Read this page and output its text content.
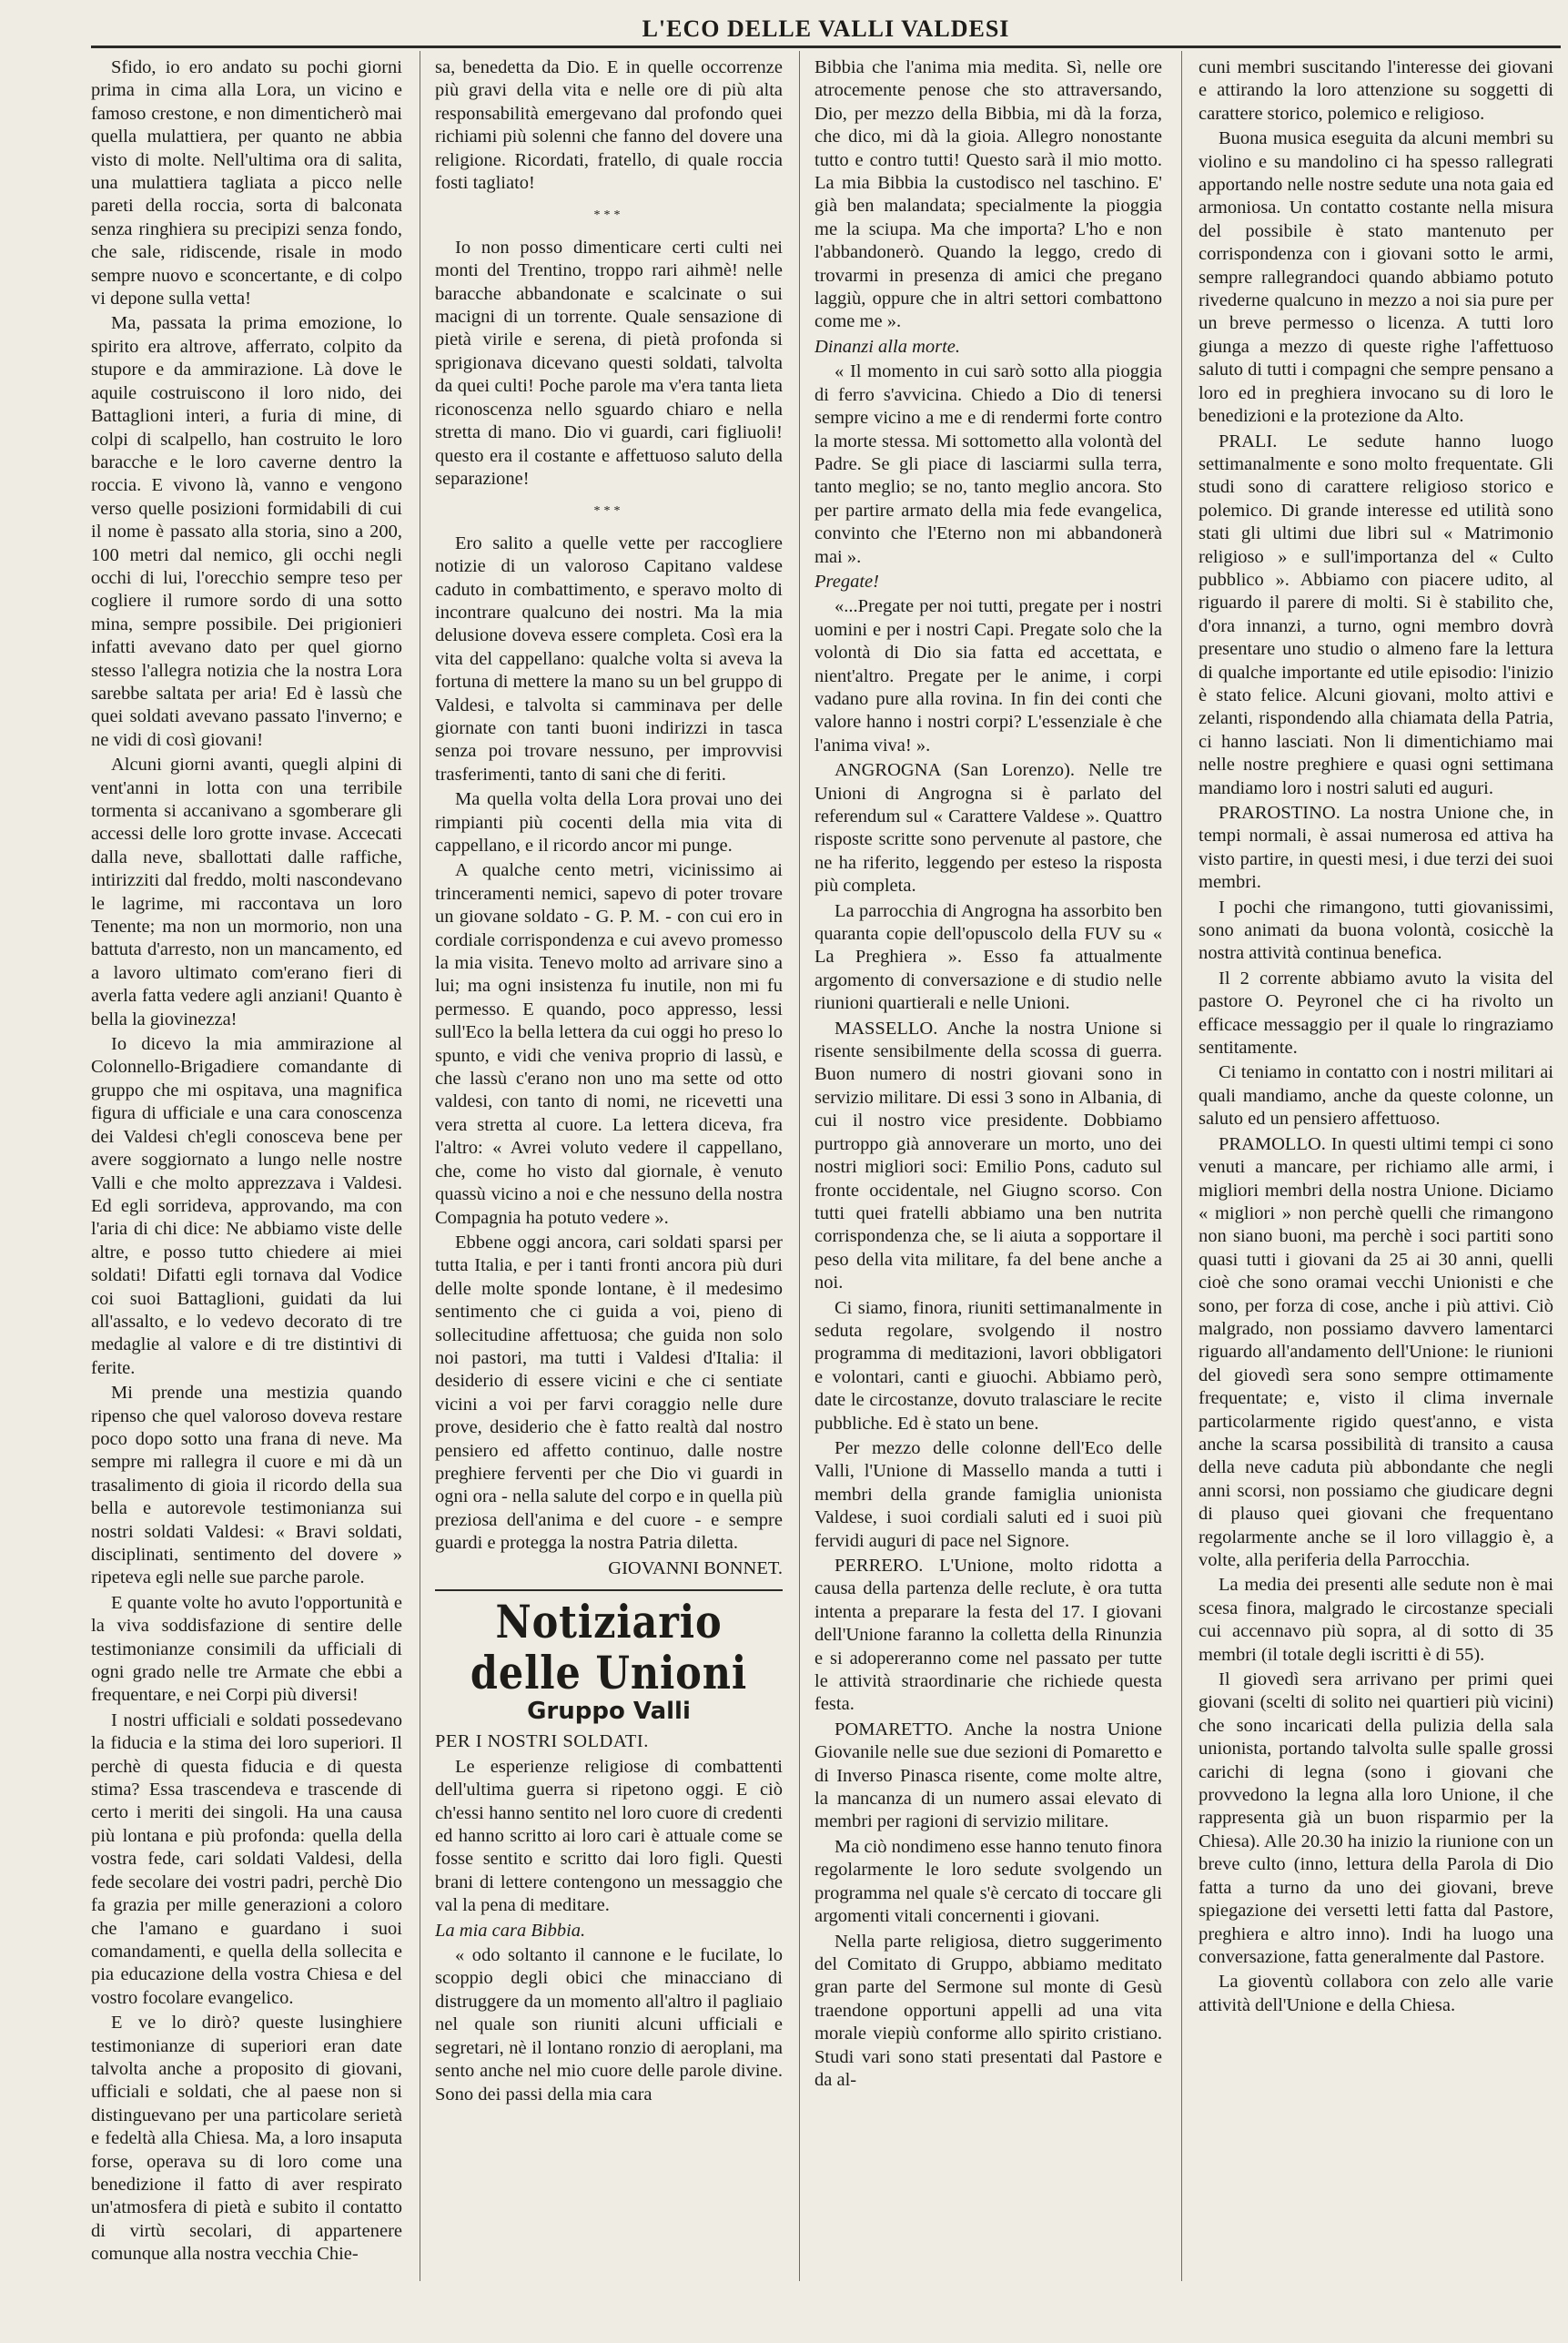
L'ECO DELLE VALLI VALDESI

Sfido, io ero andato su pochi giorni prima in cima alla Lora, un vicino e famoso crestone, e non dimenticherò mai quella mulattiera, per quanto ne abbia visto di molte. Nell'ultima ora di salita, una mulattiera tagliata a picco nelle pareti della roccia, sorta di balconata senza ringhiera su precipizi senza fondo, che sale, ridiscende, risale in modo sempre nuovo e sconcertante, e di colpo vi depone sulla vetta!

Ma, passata la prima emozione, lo spirito era altrove, afferrato, colpito da stupore e da ammirazione. Là dove le aquile costruiscono il loro nido, dei Battaglioni interi, a furia di mine, di colpi di scalpello, han costruito le loro baracche e le loro caverne dentro la roccia. E vivono là, vanno e vengono verso quelle posizioni formidabili di cui il nome è passato alla storia, sino a 200, 100 metri dal nemico, gli occhi negli occhi di lui, l'orecchio sempre teso per cogliere il rumore sordo di una sotto mina, sempre possibile. Dei prigionieri infatti avevano dato per quel giorno stesso l'allegra notizia che la nostra Lora sarebbe saltata per aria! Ed è lassù che quei soldati avevano passato l'inverno; e ne vidi di così giovani!

Alcuni giorni avanti, quegli alpini di vent'anni in lotta con una terribile tormenta si accanivano a sgomberare gli accessi delle loro grotte invase. Accecati dalla neve, sballottati dalle raffiche, intirizziti dal freddo, molti nascondevano le lagrime, mi raccontava un loro Tenente; ma non un mormorio, non una battuta d'arresto, non un mancamento, ed a lavoro ultimato com'erano fieri di averla fatta vedere agli anziani! Quanto è bella la giovinezza!

Io dicevo la mia ammirazione al Colonnello-Brigadiere comandante di gruppo che mi ospitava, una magnifica figura di ufficiale e una cara conoscenza dei Valdesi ch'egli conosceva bene per avere soggiornato a lungo nelle nostre Valli e che molto apprezzava i Valdesi. Ed egli sorrideva, approvando, ma con l'aria di chi dice: Ne abbiamo viste delle altre, e posso tutto chiedere ai miei soldati! Difatti egli tornava dal Vodice coi suoi Battaglioni, guidati da lui all'assalto, e lo vedevo decorato di tre medaglie al valore e di tre distintivi di ferite.

Mi prende una mestizia quando ripenso che quel valoroso doveva restare poco dopo sotto una frana di neve. Ma sempre mi rallegra il cuore e mi dà un trasalimento di gioia il ricordo della sua bella e autorevole testimonianza sui nostri soldati Valdesi: « Bravi soldati, disciplinati, sentimento del dovere » ripeteva egli nelle sue parche parole.

E quante volte ho avuto l'opportunità e la viva soddisfazione di sentire delle testimonianze consimili da ufficiali di ogni grado nelle tre Armate che ebbi a frequentare, e nei Corpi più diversi!

I nostri ufficiali e soldati possedevano la fiducia e la stima dei loro superiori. Il perchè di questa fiducia e di questa stima? Essa trascendeva e trascende di certo i meriti dei singoli. Ha una causa più lontana e più profonda: quella della vostra fede, cari soldati Valdesi, della fede secolare dei vostri padri, perchè Dio fa grazia per mille generazioni a coloro che l'amano e guardano i suoi comandamenti, e quella della sollecita e pia educazione della vostra Chiesa e del vostro focolare evangelico.

E ve lo dirò? queste lusinghiere testimonianze di superiori eran date talvolta anche a proposito di giovani, ufficiali e soldati, che al paese non si distinguevano per una particolare serietà e fedeltà alla Chiesa. Ma, a loro insaputa forse, operava su di loro come una benedizione il fatto di aver respirato un'atmosfera di pietà e subito il contatto di virtù secolari, di appartenere comunque alla nostra vecchia Chie-

sa, benedetta da Dio. E in quelle occorrenze più gravi della vita e nelle ore di più alta responsabilità emergevano dal profondo quei richiami più solenni che fanno del dovere una religione. Ricordati, fratello, di quale roccia fosti tagliato!

***

Io non posso dimenticare certi culti nei monti del Trentino, troppo rari aihmè! nelle baracche abbandonate e scalcinate o sui macigni di un torrente. Quale sensazione di pietà virile e serena, di pietà profonda si sprigionava dicevano questi soldati, talvolta da quei culti! Poche parole ma v'era tanta lieta riconoscenza nello sguardo chiaro e nella stretta di mano. Dio vi guardi, cari figliuoli! questo era il costante e affettuoso saluto della separazione!

***

Ero salito a quelle vette per raccogliere notizie di un valoroso Capitano valdese caduto in combattimento, e speravo molto di incontrare qualcuno dei nostri. Ma la mia delusione doveva essere completa. Così era la vita del cappellano: qualche volta si aveva la fortuna di mettere la mano su un bel gruppo di Valdesi, e talvolta si camminava per delle giornate con tanti buoni indirizzi in tasca senza poi trovare nessuno, per improvvisi trasferimenti, tanto di sani che di feriti.

Ma quella volta della Lora provai uno dei rimpianti più cocenti della mia vita di cappellano, e il ricordo ancor mi punge.

A qualche cento metri, vicinissimo ai trinceramenti nemici, sapevo di poter trovare un giovane soldato - G. P. M. - con cui ero in cordiale corrispondenza e cui avevo promesso la mia visita. Tenevo molto ad arrivare sino a lui; ma ogni insistenza fu inutile, non mi fu permesso. E quando, poco appresso, lessi sull'Eco la bella lettera da cui oggi ho preso lo spunto, e vidi che veniva proprio di lassù, e che lassù c'erano non uno ma sette od otto valdesi, con tanto di nomi, ne ricevetti una vera stretta al cuore. La lettera diceva, fra l'altro: « Avrei voluto vedere il cappellano, che, come ho visto dal giornale, è venuto quassù vicino a noi e che nessuno della nostra Compagnia ha potuto vedere ».

Ebbene oggi ancora, cari soldati sparsi per tutta Italia, e per i tanti fronti ancora più duri delle molte sponde lontane, è il medesimo sentimento che ci guida a voi, pieno di sollecitudine affettuosa; che guida non solo noi pastori, ma tutti i Valdesi d'Italia: il desiderio di essere vicini e che ci sentiate vicini a voi per farvi coraggio nelle dure prove, desiderio che è fatto realtà dal nostro pensiero ed affetto continuo, dalle nostre preghiere ferventi per che Dio vi guardi in ogni ora - nella salute del corpo e in quella più preziosa dell'anima e del cuore - e sempre guardi e protegga la nostra Patria diletta.

GIOVANNI BONNET.

Notiziario delle Unioni
Gruppo Valli

PER I NOSTRI SOLDATI.

Le esperienze religiose di combattenti dell'ultima guerra si ripetono oggi. E ciò ch'essi hanno sentito nel loro cuore di credenti ed hanno scritto ai loro cari è attuale come se fosse sentito e scritto dai loro figli. Questi brani di lettere contengono un messaggio che val la pena di meditare.

La mia cara Bibbia.

« odo soltanto il cannone e le fucilate, lo scoppio degli obici che minacciano di distruggere da un momento all'altro il pagliaio nel quale son riuniti alcuni ufficiali e segretari, nè il lontano ronzio di aeroplani, ma sento anche nel mio cuore delle parole divine. Sono dei passi della mia cara

Bibbia che l'anima mia medita. Sì, nelle ore atrocemente penose che sto attraversando, Dio, per mezzo della Bibbia, mi dà la forza, che dico, mi dà la gioia. Allegro nonostante tutto e contro tutti! Questo sarà il mio motto. La mia Bibbia la custodisco nel taschino. E' già ben malandata; specialmente la pioggia me la sciupa. Ma che importa? L'ho e non l'abbandonerò. Quando la leggo, credo di trovarmi in presenza di amici che pregano laggiù, oppure che in altri settori combattono come me ».

Dinanzi alla morte.

« Il momento in cui sarò sotto alla pioggia di ferro s'avvicina. Chiedo a Dio di tenersi sempre vicino a me e di rendermi forte contro la morte stessa. Mi sottometto alla volontà del Padre. Se gli piace di lasciarmi sulla terra, tanto meglio; se no, tanto meglio ancora. Sto per partire armato della mia fede evangelica, convinto che l'Eterno non mi abbandonerà mai ».

Pregate!

«...Pregate per noi tutti, pregate per i nostri uomini e per i nostri Capi. Pregate solo che la volontà di Dio sia fatta ed accettata, e nient'altro. Pregate per le anime, i corpi vadano pure alla rovina. In fin dei conti che valore hanno i nostri corpi? L'essenziale è che l'anima viva! ».

ANGROGNA (San Lorenzo). Nelle tre Unioni di Angrogna si è parlato del referendum sul « Carattere Valdese ». Quattro risposte scritte sono pervenute al pastore, che ne ha riferito, leggendo per esteso la risposta più completa.

La parrocchia di Angrogna ha assorbito ben quaranta copie dell'opuscolo della FUV su « La Preghiera ». Esso fa attualmente argomento di conversazione e di studio nelle riunioni quartierali e nelle Unioni.

MASSELLO. Anche la nostra Unione si risente sensibilmente della scossa di guerra. Buon numero di nostri giovani sono in servizio militare. Di essi 3 sono in Albania, di cui il nostro vice presidente. Dobbiamo purtroppo già annoverare un morto, uno dei nostri migliori soci: Emilio Pons, caduto sul fronte occidentale, nel Giugno scorso. Con tutti quei fratelli abbiamo una ben nutrita corrispondenza che, se li aiuta a sopportare il peso della vita militare, fa del bene anche a noi.

Ci siamo, finora, riuniti settimanalmente in seduta regolare, svolgendo il nostro programma di meditazioni, lavori obbligatori e volontari, canti e giuochi. Abbiamo però, date le circostanze, dovuto tralasciare le recite pubbliche. Ed è stato un bene.

Per mezzo delle colonne dell'Eco delle Valli, l'Unione di Massello manda a tutti i membri della grande famiglia unionista Valdese, i suoi cordiali saluti ed i suoi più fervidi auguri di pace nel Signore.

PERRERO. L'Unione, molto ridotta a causa della partenza delle reclute, è ora tutta intenta a preparare la festa del 17. I giovani dell'Unione faranno la colletta della Rinunzia e si adopereranno come nel passato per tutte le attività straordinarie che richiede questa festa.

POMARETTO. Anche la nostra Unione Giovanile nelle sue due sezioni di Pomaretto e di Inverso Pinasca risente, come molte altre, la mancanza di un numero assai elevato di membri per ragioni di servizio militare.

Ma ciò nondimeno esse hanno tenuto finora regolarmente le loro sedute svolgendo un programma nel quale s'è cercato di toccare gli argomenti vitali concernenti i giovani.

Nella parte religiosa, dietro suggerimento del Comitato di Gruppo, abbiamo meditato gran parte del Sermone sul monte di Gesù traendone opportuni appelli ad una vita morale viepiù conforme allo spirito cristiano. Studi vari sono stati presentati dal Pastore e da al-

cuni membri suscitando l'interesse dei giovani e attirando la loro attenzione su soggetti di carattere storico, polemico e religioso.

Buona musica eseguita da alcuni membri su violino e su mandolino ci ha spesso rallegrati apportando nelle nostre sedute una nota gaia ed armoniosa. Un contatto costante nella misura del possibile è stato mantenuto per corrispondenza con i giovani sotto le armi, sempre rallegrandoci quando abbiamo potuto rivederne qualcuno in mezzo a noi sia pure per un breve permesso o licenza. A tutti loro giunga a mezzo di queste righe l'affettuoso saluto di tutti i compagni che sempre pensano a loro ed in preghiera invocano su di loro le benedizioni e la protezione da Alto.

PRALI. Le sedute hanno luogo settimanalmente e sono molto frequentate. Gli studi sono di carattere religioso storico e polemico. Di grande interesse ed utilità sono stati gli ultimi due libri sul « Matrimonio religioso » e sull'importanza del « Culto pubblico ». Abbiamo con piacere udito, al riguardo il parere di molti. Si è stabilito che, d'ora innanzi, a turno, ogni membro dovrà presentare uno studio o almeno fare la lettura di qualche importante ed utile episodio: l'inizio è stato felice. Alcuni giovani, molto attivi e zelanti, rispondendo alla chiamata della Patria, ci hanno lasciati. Non li dimentichiamo mai nelle nostre preghiere e quasi ogni settimana mandiamo loro i nostri saluti ed auguri.

PRAROSTINO. La nostra Unione che, in tempi normali, è assai numerosa ed attiva ha visto partire, in questi mesi, i due terzi dei suoi membri.

I pochi che rimangono, tutti giovanissimi, sono animati da buona volontà, cosicchè la nostra attività continua benefica.

Il 2 corrente abbiamo avuto la visita del pastore O. Peyronel che ci ha rivolto un efficace messaggio per il quale lo ringraziamo sentitamente.

Ci teniamo in contatto con i nostri militari ai quali mandiamo, anche da queste colonne, un saluto ed un pensiero affettuoso.

PRAMOLLO. In questi ultimi tempi ci sono venuti a mancare, per richiamo alle armi, i migliori membri della nostra Unione. Diciamo « migliori » non perchè quelli che rimangono non siano buoni, ma perchè i soci partiti sono quasi tutti i giovani da 25 ai 30 anni, quelli cioè che sono oramai vecchi Unionisti e che sono, per forza di cose, anche i più attivi. Ciò malgrado, non possiamo davvero lamentarci riguardo all'andamento dell'Unione: le riunioni del giovedì sera sono sempre ottimamente frequentate; e, visto il clima invernale particolarmente rigido quest'anno, e vista anche la scarsa possibilità di transito a causa della neve caduta più abbondante che negli anni scorsi, non possiamo che giudicare degni di plauso quei giovani che frequentano regolarmente anche se il loro villaggio è, a volte, alla periferia della Parrocchia.

La media dei presenti alle sedute non è mai scesa finora, malgrado le circostanze speciali cui accennavo più sopra, al di sotto di 35 membri (il totale degli iscritti è di 55).

Il giovedì sera arrivano per primi quei giovani (scelti di solito nei quartieri più vicini) che sono incaricati della pulizia della sala unionista, portando talvolta sulle spalle grossi carichi di legna (sono i giovani che provvedono la legna alla loro Unione, il che rappresenta già un buon risparmio per la Chiesa). Alle 20.30 ha inizio la riunione con un breve culto (inno, lettura della Parola di Dio fatta a turno da uno dei giovani, breve spiegazione dei versetti letti fatta dal Pastore, preghiera e altro inno). Indi ha luogo una conversazione, fatta generalmente dal Pastore.

La gioventù collabora con zelo alle varie attività dell'Unione e della Chiesa.
